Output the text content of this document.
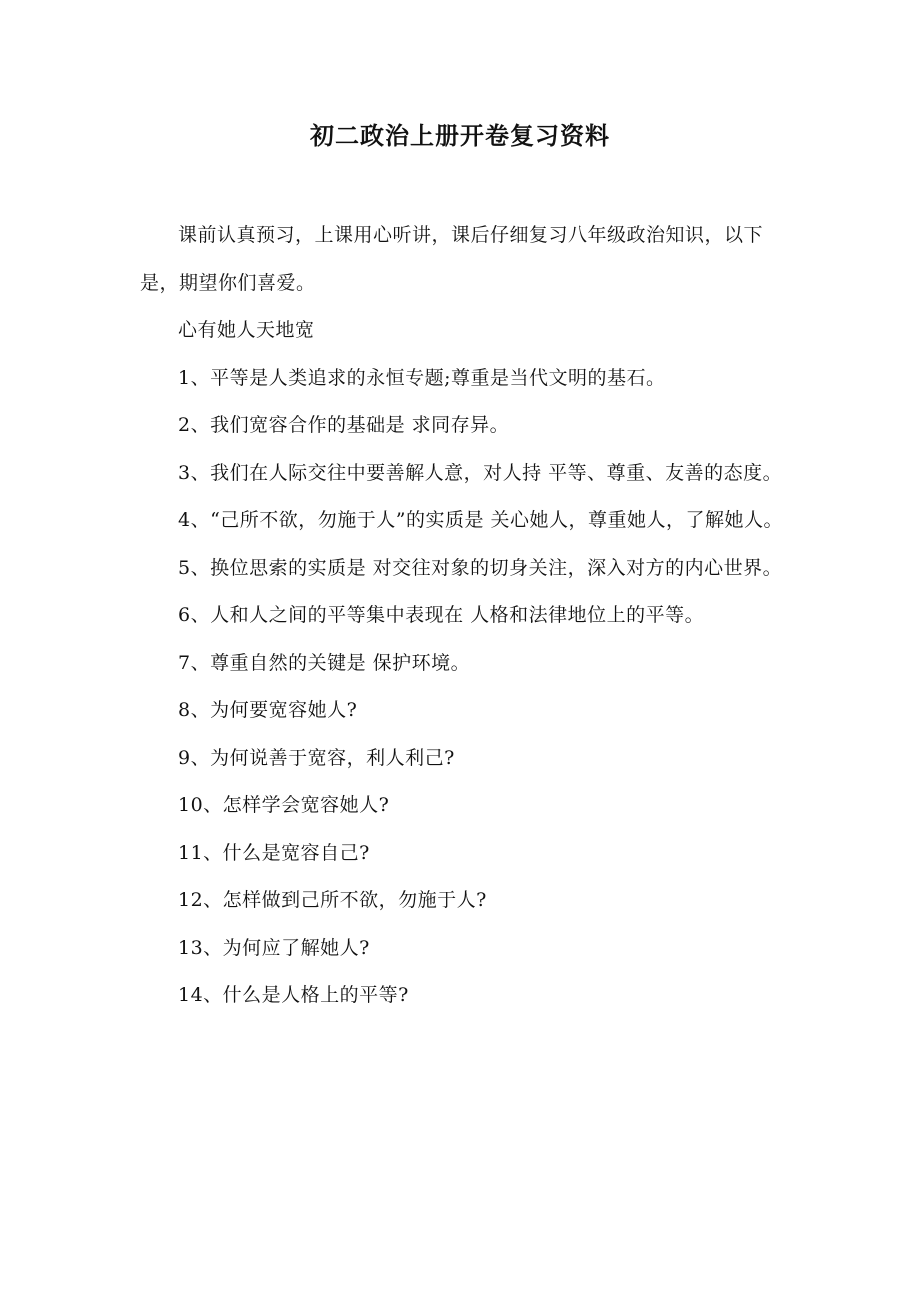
初二政治上册开卷复习资料

课前认真预习，上课用心听讲，课后仔细复习八年级政治知识，以下是，期望你们喜爱。

心有她人天地宽

1、平等是人类追求的永恒专题;尊重是当代文明的基石。

2、我们宽容合作的基础是 求同存异。

3、我们在人际交往中要善解人意，对人持 平等、尊重、友善的态度。

4、“己所不欲，勿施于人”的实质是 关心她人，尊重她人，了解她人。

5、换位思索的实质是 对交往对象的切身关注，深入对方的内心世界。

6、人和人之间的平等集中表现在 人格和法律地位上的平等。

7、尊重自然的关键是 保护环境。

8、为何要宽容她人?

9、为何说善于宽容，利人利己?

10、怎样学会宽容她人?

11、什么是宽容自己?

12、怎样做到己所不欲，勿施于人?

13、为何应了解她人?

14、什么是人格上的平等?
